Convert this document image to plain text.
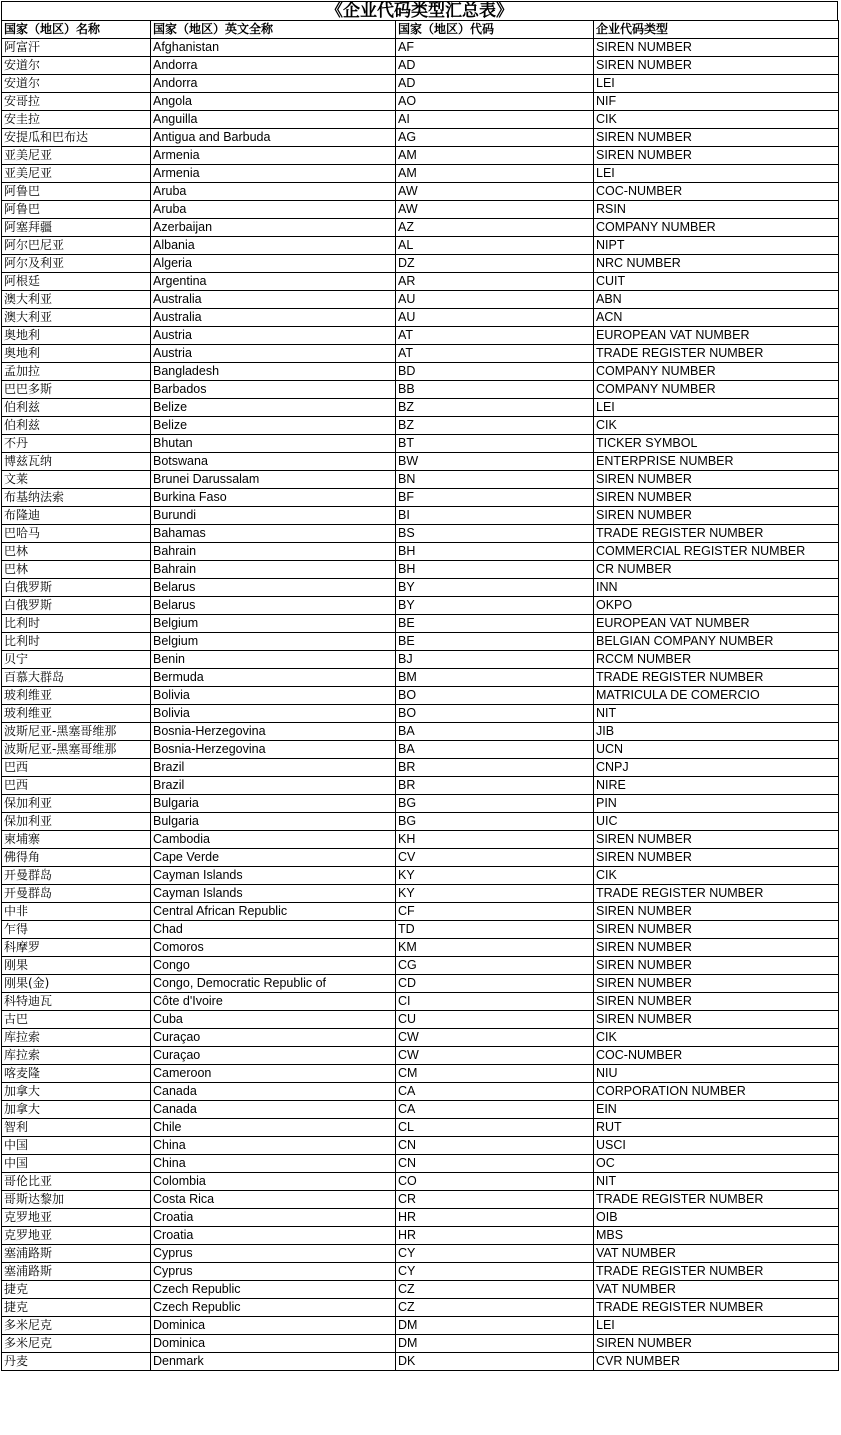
《企业代码类型汇总表》
国家（地区）名称	国家（地区）英文全称	国家（地区）代码	企业代码类型
阿富汗	Afghanistan	AF	SIREN NUMBER
安道尔	Andorra	AD	SIREN NUMBER
安道尔	Andorra	AD	LEI
安哥拉	Angola	AO	NIF
安圭拉	Anguilla	AI	CIK
安提瓜和巴布达	Antigua and Barbuda	AG	SIREN NUMBER
亚美尼亚	Armenia	AM	SIREN NUMBER
亚美尼亚	Armenia	AM	LEI
阿鲁巴	Aruba	AW	COC-NUMBER
阿鲁巴	Aruba	AW	RSIN
阿塞拜疆	Azerbaijan	AZ	COMPANY NUMBER
阿尔巴尼亚	Albania	AL	NIPT
阿尔及利亚	Algeria	DZ	NRC NUMBER
阿根廷	Argentina	AR	CUIT
澳大利亚	Australia	AU	ABN
澳大利亚	Australia	AU	ACN
奥地利	Austria	AT	EUROPEAN VAT NUMBER
奥地利	Austria	AT	TRADE REGISTER NUMBER
孟加拉	Bangladesh	BD	COMPANY NUMBER
巴巴多斯	Barbados	BB	COMPANY NUMBER
伯利兹	Belize	BZ	LEI
伯利兹	Belize	BZ	CIK
不丹	Bhutan	BT	TICKER SYMBOL
博兹瓦纳	Botswana	BW	ENTERPRISE NUMBER
文莱	Brunei Darussalam	BN	SIREN NUMBER
布基纳法索	Burkina Faso	BF	SIREN NUMBER
布隆迪	Burundi	BI	SIREN NUMBER
巴哈马	Bahamas	BS	TRADE REGISTER NUMBER
巴林	Bahrain	BH	COMMERCIAL REGISTER NUMBER
巴林	Bahrain	BH	CR NUMBER
白俄罗斯	Belarus	BY	INN
白俄罗斯	Belarus	BY	OKPO
比利时	Belgium	BE	EUROPEAN VAT NUMBER
比利时	Belgium	BE	BELGIAN COMPANY NUMBER
贝宁	Benin	BJ	RCCM NUMBER
百慕大群岛	Bermuda	BM	TRADE REGISTER NUMBER
玻利维亚	Bolivia	BO	MATRICULA DE COMERCIO
玻利维亚	Bolivia	BO	NIT
波斯尼亚-黑塞哥维那	Bosnia-Herzegovina	BA	JIB
波斯尼亚-黑塞哥维那	Bosnia-Herzegovina	BA	UCN
巴西	Brazil	BR	CNPJ
巴西	Brazil	BR	NIRE
保加利亚	Bulgaria	BG	PIN
保加利亚	Bulgaria	BG	UIC
柬埔寨	Cambodia	KH	SIREN NUMBER
佛得角	Cape Verde	CV	SIREN NUMBER
开曼群岛	Cayman Islands	KY	CIK
开曼群岛	Cayman Islands	KY	TRADE REGISTER NUMBER
中非	Central African Republic	CF	SIREN NUMBER
乍得	Chad	TD	SIREN NUMBER
科摩罗	Comoros	KM	SIREN NUMBER
刚果	Congo	CG	SIREN NUMBER
刚果(金)	Congo, Democratic Republic of	CD	SIREN NUMBER
科特迪瓦	Côte d'Ivoire	CI	SIREN NUMBER
古巴	Cuba	CU	SIREN NUMBER
库拉索	Curaçao	CW	CIK
库拉索	Curaçao	CW	COC-NUMBER
喀麦隆	Cameroon	CM	NIU
加拿大	Canada	CA	CORPORATION NUMBER
加拿大	Canada	CA	EIN
智利	Chile	CL	RUT
中国	China	CN	USCI
中国	China	CN	OC
哥伦比亚	Colombia	CO	NIT
哥斯达黎加	Costa Rica	CR	TRADE REGISTER NUMBER
克罗地亚	Croatia	HR	OIB
克罗地亚	Croatia	HR	MBS
塞浦路斯	Cyprus	CY	VAT NUMBER
塞浦路斯	Cyprus	CY	TRADE REGISTER NUMBER
捷克	Czech Republic	CZ	VAT NUMBER
捷克	Czech Republic	CZ	TRADE REGISTER NUMBER
多米尼克	Dominica	DM	LEI
多米尼克	Dominica	DM	SIREN NUMBER
丹麦	Denmark	DK	CVR NUMBER
